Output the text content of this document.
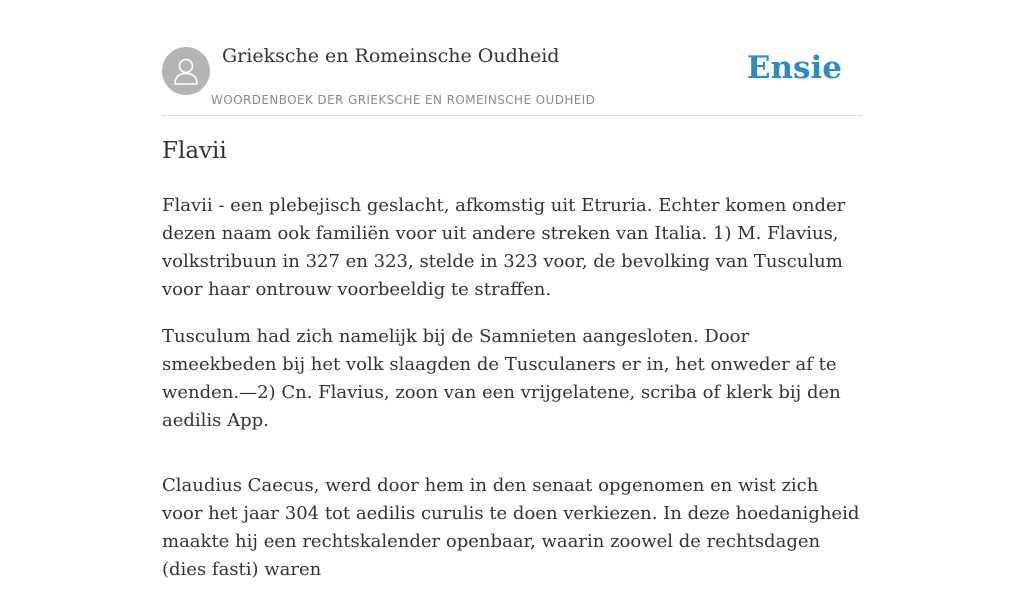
Grieksche en Romeinsche Oudheid
WOORDENBOEK DER GRIEKSCHE EN ROMEINSCHE OUDHEID
Ensie
Flavii

Flavii - een plebejisch geslacht, afkomstig uit Etruria. Echter komen onder dezen naam ook familiën voor uit andere streken van Italia. 1) M. Flavius, volkstribuun in 327 en 323, stelde in 323 voor, de bevolking van Tusculum voor haar ontrouw voorbeeldig te straffen.

Tusculum had zich namelijk bij de Samnieten aangesloten. Door smeekbeden bij het volk slaagden de Tusculaners er in, het onweder af te wenden.—2) Cn. Flavius, zoon van een vrijgelatene, scriba of klerk bij den aedilis App.

Claudius Caecus, werd door hem in den senaat opgenomen en wist zich voor het jaar 304 tot aedilis curulis te doen verkiezen. In deze hoedanigheid maakte hij een rechtskalender openbaar, waarin zoowel de rechtsdagen (dies fasti) waren
